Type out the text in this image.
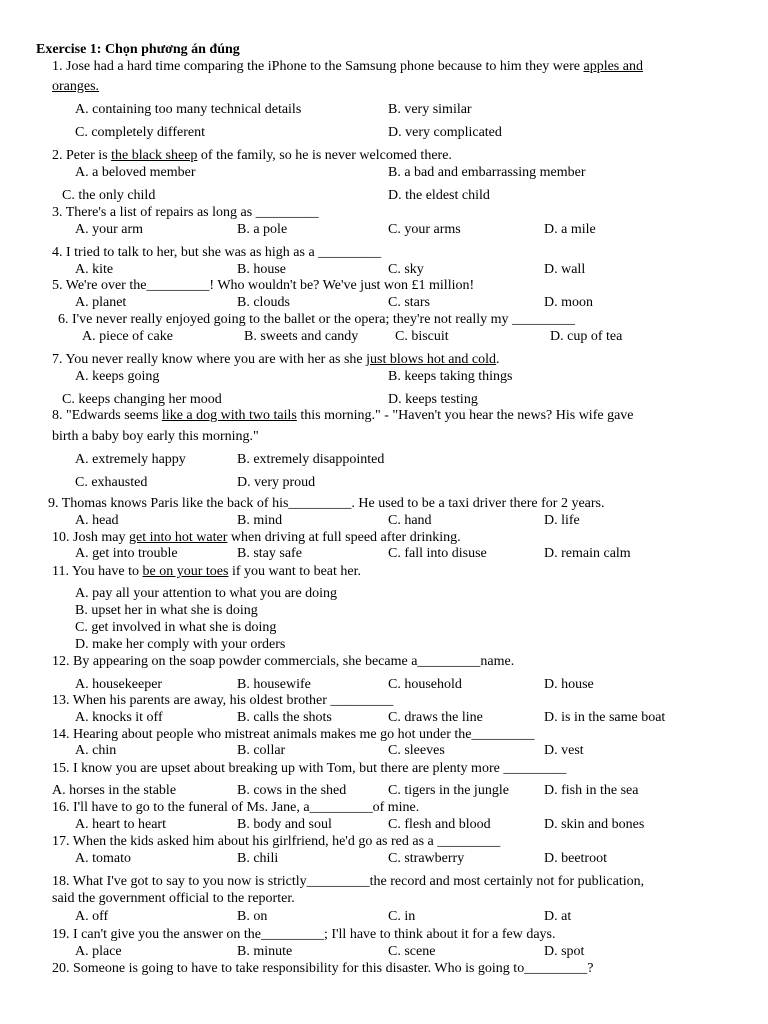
Exercise 1: Chọn phương án đúng
1. Jose had a hard time comparing the iPhone to the Samsung phone because to him they were apples and
oranges.
A. containing too many technical details	B. very similar
C. completely different	D. very complicated
2. Peter is the black sheep of the family, so he is never welcomed there.
A. a beloved member	B. a bad and embarrassing member
C. the only child	D. the eldest child
3. There's a list of repairs as long as _________
A. your arm	B. a pole	C. your arms	D. a mile
4. I tried to talk to her, but she was as high as a _________
A. kite	B. house	C. sky	D. wall
5. We're over the_________! Who wouldn't be? We've just won £1 million!
A. planet	B. clouds	C. stars	D. moon
6. I've never really enjoyed going to the ballet or the opera; they're not really my _________
A. piece of cake	B. sweets and candy	C. biscuit	D. cup of tea
7. You never really know where you are with her as she just blows hot and cold.
A. keeps going	B. keeps taking things
C. keeps changing her mood	D. keeps testing
8. "Edwards seems like a dog with two tails this morning." - "Haven't you hear the news? His wife gave
birth a baby boy early this morning."
A. extremely happy	B. extremely disappointed
C. exhausted	D. very proud
9. Thomas knows Paris like the back of his_________. He used to be a taxi driver there for 2 years.
A. head	B. mind	C. hand	D. life
10. Josh may get into hot water when driving at full speed after drinking.
A. get into trouble	B. stay safe	C. fall into disuse	D. remain calm
11. You have to be on your toes if you want to beat her.
A. pay all your attention to what you are doing
B. upset her in what she is doing
C. get involved in what she is doing
D. make her comply with your orders
12. By appearing on the soap powder commercials, she became a_________name.
A. housekeeper	B. housewife	C. household	D. house
13. When his parents are away, his oldest brother _________
A. knocks it off	B. calls the shots	C. draws the line	D. is in the same boat
14. Hearing about people who mistreat animals makes me go hot under the_________
A. chin	B. collar	C. sleeves	D. vest
15. I know you are upset about breaking up with Tom, but there are plenty more _________
A. horses in the stable	B. cows in the shed	C. tigers in the jungle	D. fish in the sea
16. I'll have to go to the funeral of Ms. Jane, a_________of mine.
A. heart to heart	B. body and soul	C. flesh and blood	D. skin and bones
17. When the kids asked him about his girlfriend, he'd go as red as a _________
A. tomato	B. chili	C. strawberry	D. beetroot
18. What I've got to say to you now is strictly_________the record and most certainly not for publication,
said the government official to the reporter.
A. off	B. on	C. in	D. at
19. I can't give you the answer on the_________; I'll have to think about it for a few days.
A. place	B. minute	C. scene	D. spot
20. Someone is going to have to take responsibility for this disaster. Who is going to_________?
